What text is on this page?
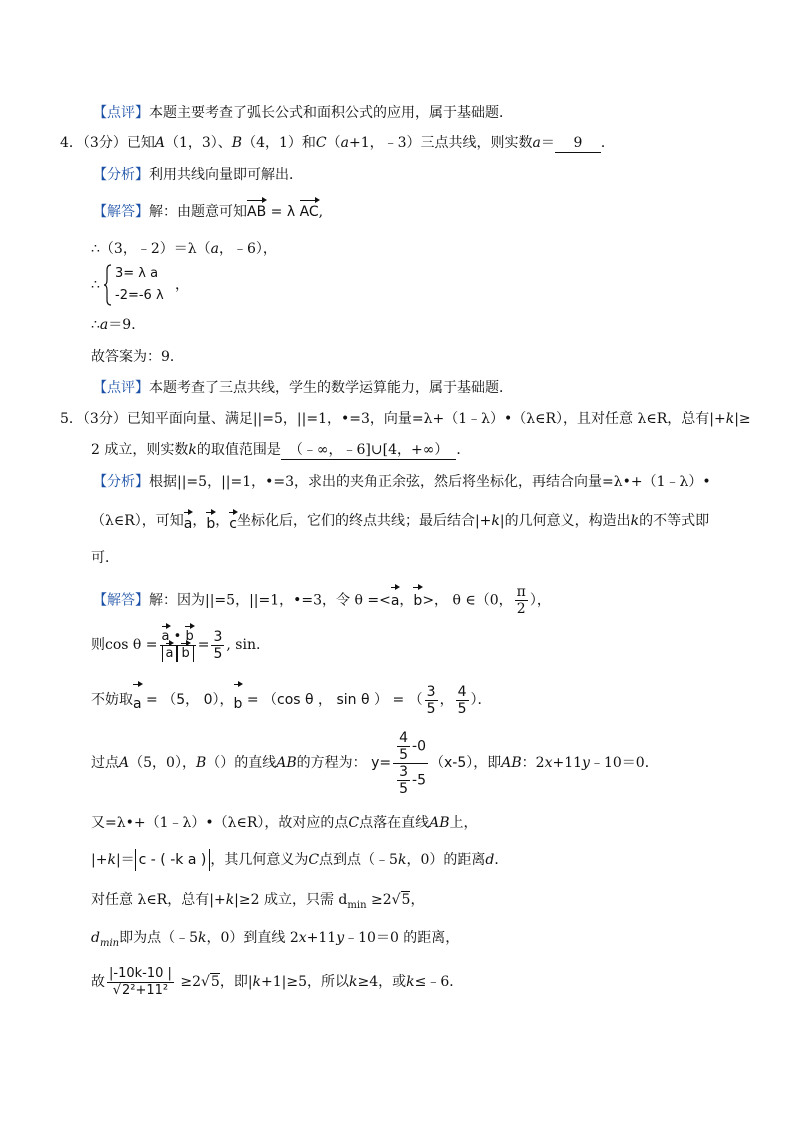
【点评】本题主要考查了弧长公式和面积公式的应用，属于基础题．
4．（3分）已知A（1，3）、B（4，1）和C（a+1，﹣3）三点共线，则实数a＝ 9 ．
【分析】利用共线向量即可解出．
【解答】解：由题意可知AB = λ AC,
∴（3，﹣2）＝λ（a，﹣6），
∴
3= λ a
-2=-6 λ
，
∴a＝9．
故答案为：9．
【点评】本题考查了三点共线，学生的数学运算能力，属于基础题．
5．（3分）已知平面向量、满足||=5，||=1，•=3，向量=λ+（1﹣λ）•（λ∈R），且对任意 λ∈R，总有|+k|≥
2 成立，则实数k的取值范围是 （﹣∞，﹣6]∪[4，+∞） ．
【分析】根据||=5，||=1，•=3，求出的夹角正余弦，然后将坐标化，再结合向量=λ•+（1﹣λ）•
（λ∈R），可知a，b，c坐标化后，它们的终点共线；最后结合|+k|的几何意义，构造出k的不等式即
可．
【解答】解：因为||=5，||=1，•=3，令 θ =<a，b>， θ ∈（0， $\frac{\pi}{2}$ ），
则$\cos \theta = \frac{a • b}{\text{a b}} = \frac{3}{5}$ , sin.
不妨取a = （5， 0），b = （cos θ ， sin θ ） = （ $\frac{3}{5}$ ， $\frac{4}{5}$ ）．
过点A（5，0），B（）的直线AB的方程为： $y= \frac{\frac{4}{5} -0}{\frac{3}{5} -5} (x-5)$，即AB：2x+11y﹣10＝0．
又=λ•+（1﹣λ）•（λ∈R），故对应的点C点落在直线AB上，
|+k|＝ c - ( -k a ) ，其几何意义为C点到点（﹣5k，0）的距离d．
对任意 λ∈R，总有|+k|≥2 成立，只需 $d_{min} \ge 2√5$，
$d_{min}$即为点（﹣5k，0）到直线 2x+11y﹣10＝0 的距离，
故 $\frac{|-10k-10 |}{\text{√2²+11²}} \ge 2√5$，即|k+1|≥5，所以k≥4，或k≤﹣6．
